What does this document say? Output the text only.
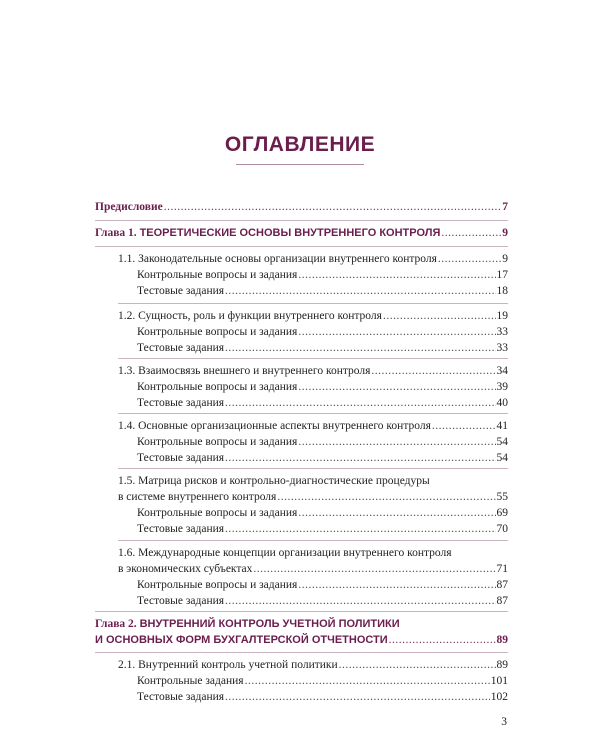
ОГЛАВЛЕНИЕ
Предисловие .....	7
Глава 1. ТЕОРЕТИЧЕСКИЕ ОСНОВЫ ВНУТРЕННЕГО КОНТРОЛЯ .....	9
1.1. Законодательные основы организации внутреннего контроля .....	9
Контрольные вопросы и задания .....	17
Тестовые задания .....	18
1.2. Сущность, роль и функции внутреннего контроля .....	19
Контрольные вопросы и задания .....	33
Тестовые задания .....	33
1.3. Взаимосвязь внешнего и внутреннего контроля .....	34
Контрольные вопросы и задания .....	39
Тестовые задания .....	40
1.4. Основные организационные аспекты внутреннего контроля .....	41
Контрольные вопросы и задания .....	54
Тестовые задания .....	54
1.5. Матрица рисков и контрольно-диагностические процедуры
в системе внутреннего контроля .....	55
Контрольные вопросы и задания .....	69
Тестовые задания .....	70
1.6. Международные концепции организации внутреннего контроля
в экономических субъектах .....	71
Контрольные вопросы и задания .....	87
Тестовые задания .....	87
Глава 2. ВНУТРЕННИЙ КОНТРОЛЬ УЧЕТНОЙ ПОЛИТИКИ
И ОСНОВНЫХ ФОРМ БУХГАЛТЕРСКОЙ ОТЧЕТНОСТИ .....	89
2.1. Внутренний контроль учетной политики .....	89
Контрольные задания .....	101
Тестовые задания .....	102
3
